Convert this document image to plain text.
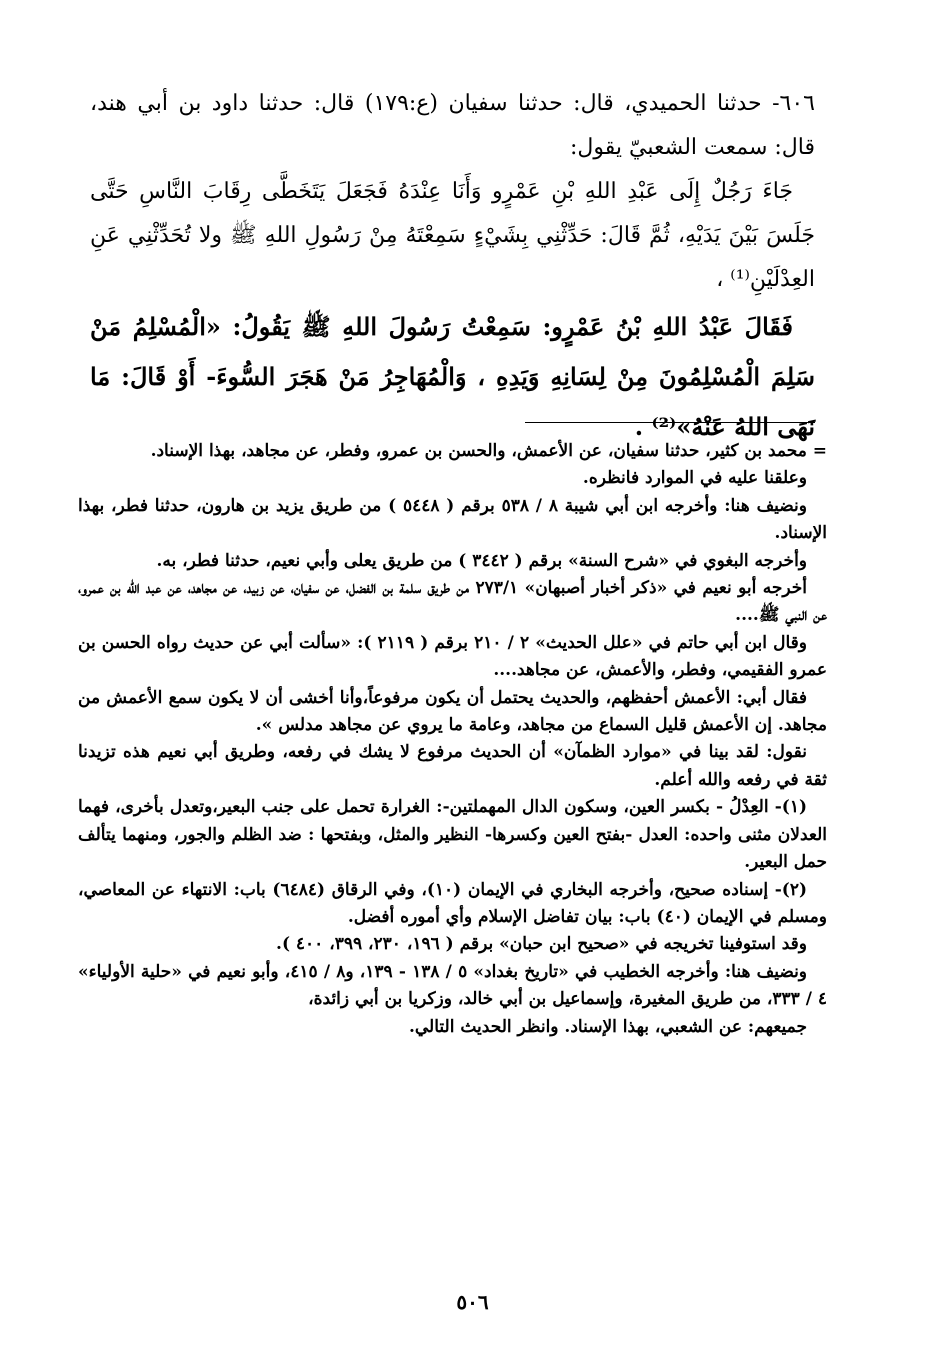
٦٠٦- حدثنا الحميدي، قال: حدثنا سفيان (ع:١٧٩) قال: حدثنا داود بن أبي هند، قال: سمعت الشعبيّ يقول:

جَاءَ رَجُلٌ إِلَى عَبْدِ اللهِ بْنِ عَمْرٍو وَأَنَا عِنْدَهُ فَجَعَلَ يَتَخَطَّى رِقَابَ النَّاسِ حَتَّى جَلَسَ بَيْنَ يَدَيْهِ، ثُمَّ قَالَ: حَدِّثْنِي بِشَيْءٍ سَمِعْتَهُ مِنْ رَسُولِ اللهِ ﷺ ولا تُحَدِّثْنِي عَنِ العِدْلَيْنِ⁽¹⁾ ،

فَقَالَ عَبْدُ اللهِ بْنُ عَمْرٍو: سَمِعْتُ رَسُولَ اللهِ ﷺ يَقُولُ: «الْمُسْلِمُ مَنْ سَلِمَ الْمُسْلِمُونَ مِنْ لِسَانِهِ وَيَدِهِ ، وَالْمُهَاجِرُ مَنْ هَجَرَ السُّوءَ- أَوْ قَالَ: مَا نَهَى اللهُ عَنْهُ»⁽²⁾ .

= محمد بن كثير، حدثنا سفيان، عن الأعمش، والحسن بن عمرو، وفطر، عن مجاهد، بهذا الإسناد.

وعلقنا عليه في الموارد فانظره.

ونضيف هنا: وأخرجه ابن أبي شيبة ٨ / ٥٣٨ برقم ( ٥٤٤٨ ) من طريق يزيد بن هارون، حدثنا فطر، بهذا الإسناد.

وأخرجه البغوي في «شرح السنة» برقم ( ٣٤٤٢ ) من طريق يعلى وأبي نعيم، حدثنا فطر، به.

أخرجه أبو نعيم في «ذكر أخبار أصبهان» ٢٧٣/١ من طريق سلمة بن الفضل، عن سفيان، عن زبيد، عن مجاهد، عن عبد الله بن عمرو، عن النبي ﷺ....

وقال ابن أبي حاتم في «علل الحديث» ٢ / ٢١٠ برقم ( ٢١١٩ ): «سألت أبي عن حديث رواه الحسن بن عمرو الفقيمي، وفطر، والأعمش، عن مجاهد....

فقال أبي: الأعمش أحفظهم، والحديث يحتمل أن يكون مرفوعاً،وأنا أخشى أن لا يكون سمع الأعمش من مجاهد. إن الأعمش قليل السماع من مجاهد، وعامة ما يروي عن مجاهد مدلس ».

نقول: لقد بينا في «موارد الظمآن» أن الحديث مرفوع لا يشك في رفعه، وطريق أبي نعيم هذه تزيدنا ثقة في رفعه والله أعلم.

(١)- العِدْلُ - بكسر العين، وسكون الدال المهملتين-: الغرارة تحمل على جنب البعير،وتعدل بأخرى، فهما العدلان مثنى واحده: العدل -بفتح العين وكسرها- النظير والمثل، وبفتحها : ضد الظلم والجور، ومنهما يتألف حمل البعير.

(٢)- إسناده صحيح، وأخرجه البخاري في الإيمان (١٠)، وفي الرقاق (٦٤٨٤) باب: الانتهاء عن المعاصي، ومسلم في الإيمان (٤٠) باب: بيان تفاضل الإسلام وأي أموره أفضل.

وقد استوفينا تخريجه في «صحيح ابن حبان» برقم ( ١٩٦، ٢٣٠، ٣٩٩، ٤٠٠ ).

ونضيف هنا: وأخرجه الخطيب في «تاريخ بغداد» ٥ / ١٣٨ - ١٣٩، و٨ / ٤١٥، وأبو نعيم في «حلية الأولياء» ٤ / ٣٣٣، من طريق المغيرة، وإسماعيل بن أبي خالد، وزكريا بن أبي زائدة،

جميعهم: عن الشعبي، بهذا الإسناد. وانظر الحديث التالي.

٥٠٦
